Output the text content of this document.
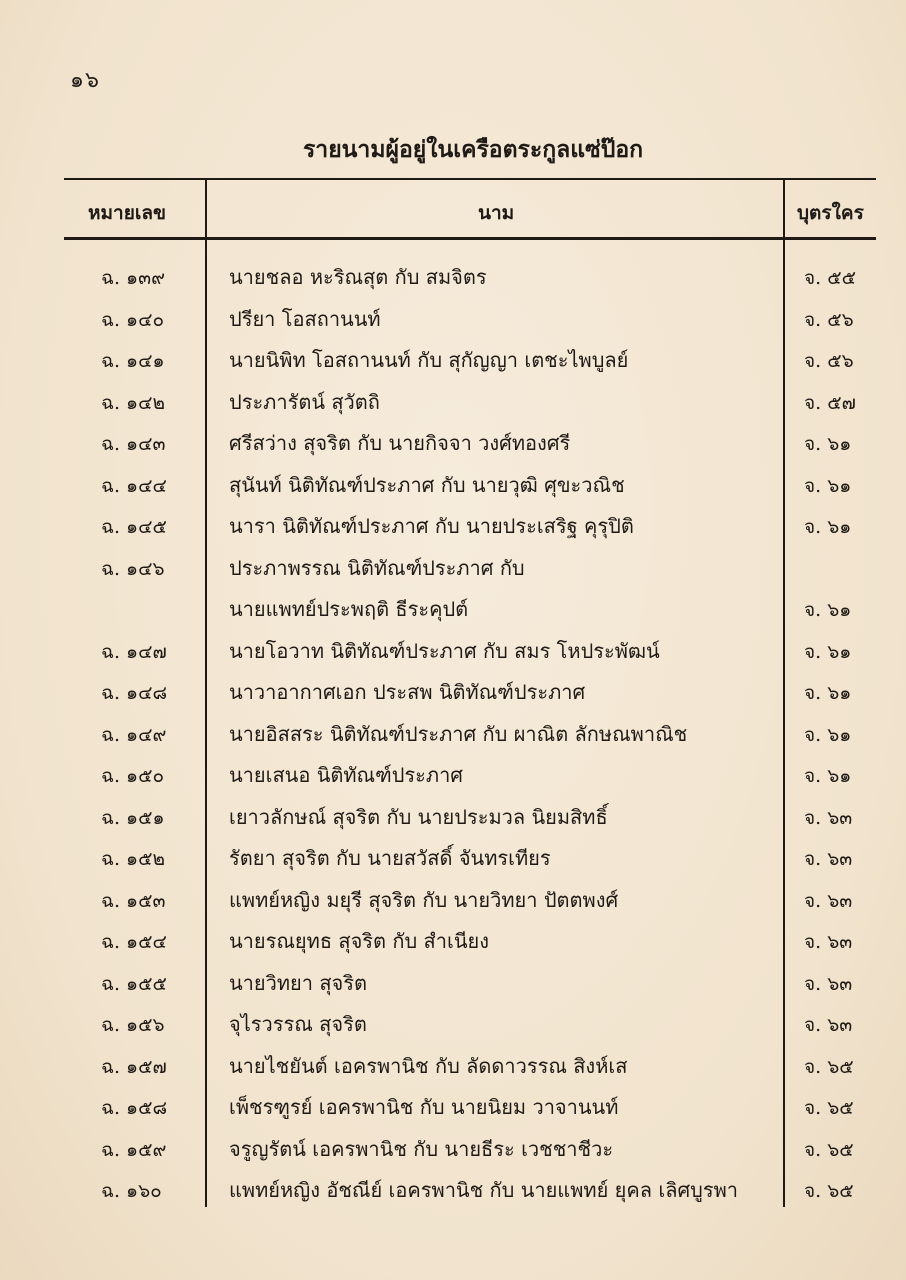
๑๖
รายนามผู้อยู่ในเครือตระกูลแซ่ป๊อก
หมายเลข	นาม	บุตรใคร
ฉ. ๑๓๙	นายชลอ หะริณสุต กับ สมจิตร	จ. ๕๕
ฉ. ๑๔๐	ปรียา โอสถานนท์	จ. ๕๖
ฉ. ๑๔๑	นายนิพิท โอสถานนท์ กับ สุกัญญา เตชะไพบูลย์	จ. ๕๖
ฉ. ๑๔๒	ประภารัตน์ สุวัตถิ	จ. ๕๗
ฉ. ๑๔๓	ศรีสว่าง สุจริต กับ นายกิจจา วงศ์ทองศรี	จ. ๖๑
ฉ. ๑๔๔	สุนันท์ นิติทัณฑ์ประภาศ กับ นายวุฒิ ศุขะวณิช	จ. ๖๑
ฉ. ๑๔๕	นารา นิติทัณฑ์ประภาศ กับ นายประเสริฐ คุรุปิติ	จ. ๖๑
ฉ. ๑๔๖	ประภาพรรณ นิติทัณฑ์ประภาศ กับ
นายแพทย์ประพฤติ ธีระคุปต์	จ. ๖๑
ฉ. ๑๔๗	นายโอวาท นิติทัณฑ์ประภาศ กับ สมร โหประพัฒน์	จ. ๖๑
ฉ. ๑๔๘	นาวาอากาศเอก ประสพ นิติทัณฑ์ประภาศ	จ. ๖๑
ฉ. ๑๔๙	นายอิสสระ นิติทัณฑ์ประภาศ กับ ผาณิต ลักษณพาณิช	จ. ๖๑
ฉ. ๑๕๐	นายเสนอ นิติทัณฑ์ประภาศ	จ. ๖๑
ฉ. ๑๕๑	เยาวลักษณ์ สุจริต กับ นายประมวล นิยมสิทธิ์	จ. ๖๓
ฉ. ๑๕๒	รัตยา สุจริต กับ นายสวัสดิ์ จันทรเทียร	จ. ๖๓
ฉ. ๑๕๓	แพทย์หญิง มยุรี สุจริต กับ นายวิทยา ปัตตพงศ์	จ. ๖๓
ฉ. ๑๕๔	นายรณยุทธ สุจริต กับ สำเนียง	จ. ๖๓
ฉ. ๑๕๕	นายวิทยา สุจริต	จ. ๖๓
ฉ. ๑๕๖	จุไรวรรณ สุจริต	จ. ๖๓
ฉ. ๑๕๗	นายไชยันต์ เอครพานิช กับ ลัดดาวรรณ สิงห์เส	จ. ๖๕
ฉ. ๑๕๘	เพ็ชรฑูรย์ เอครพานิช กับ นายนิยม วาจานนท์	จ. ๖๕
ฉ. ๑๕๙	จรูญรัตน์ เอครพานิช กับ นายธีระ เวชชาชีวะ	จ. ๖๕
ฉ. ๑๖๐	แพทย์หญิง อัชณีย์ เอครพานิช กับ นายแพทย์ ยุคล เลิศบูรพา	จ. ๖๕
